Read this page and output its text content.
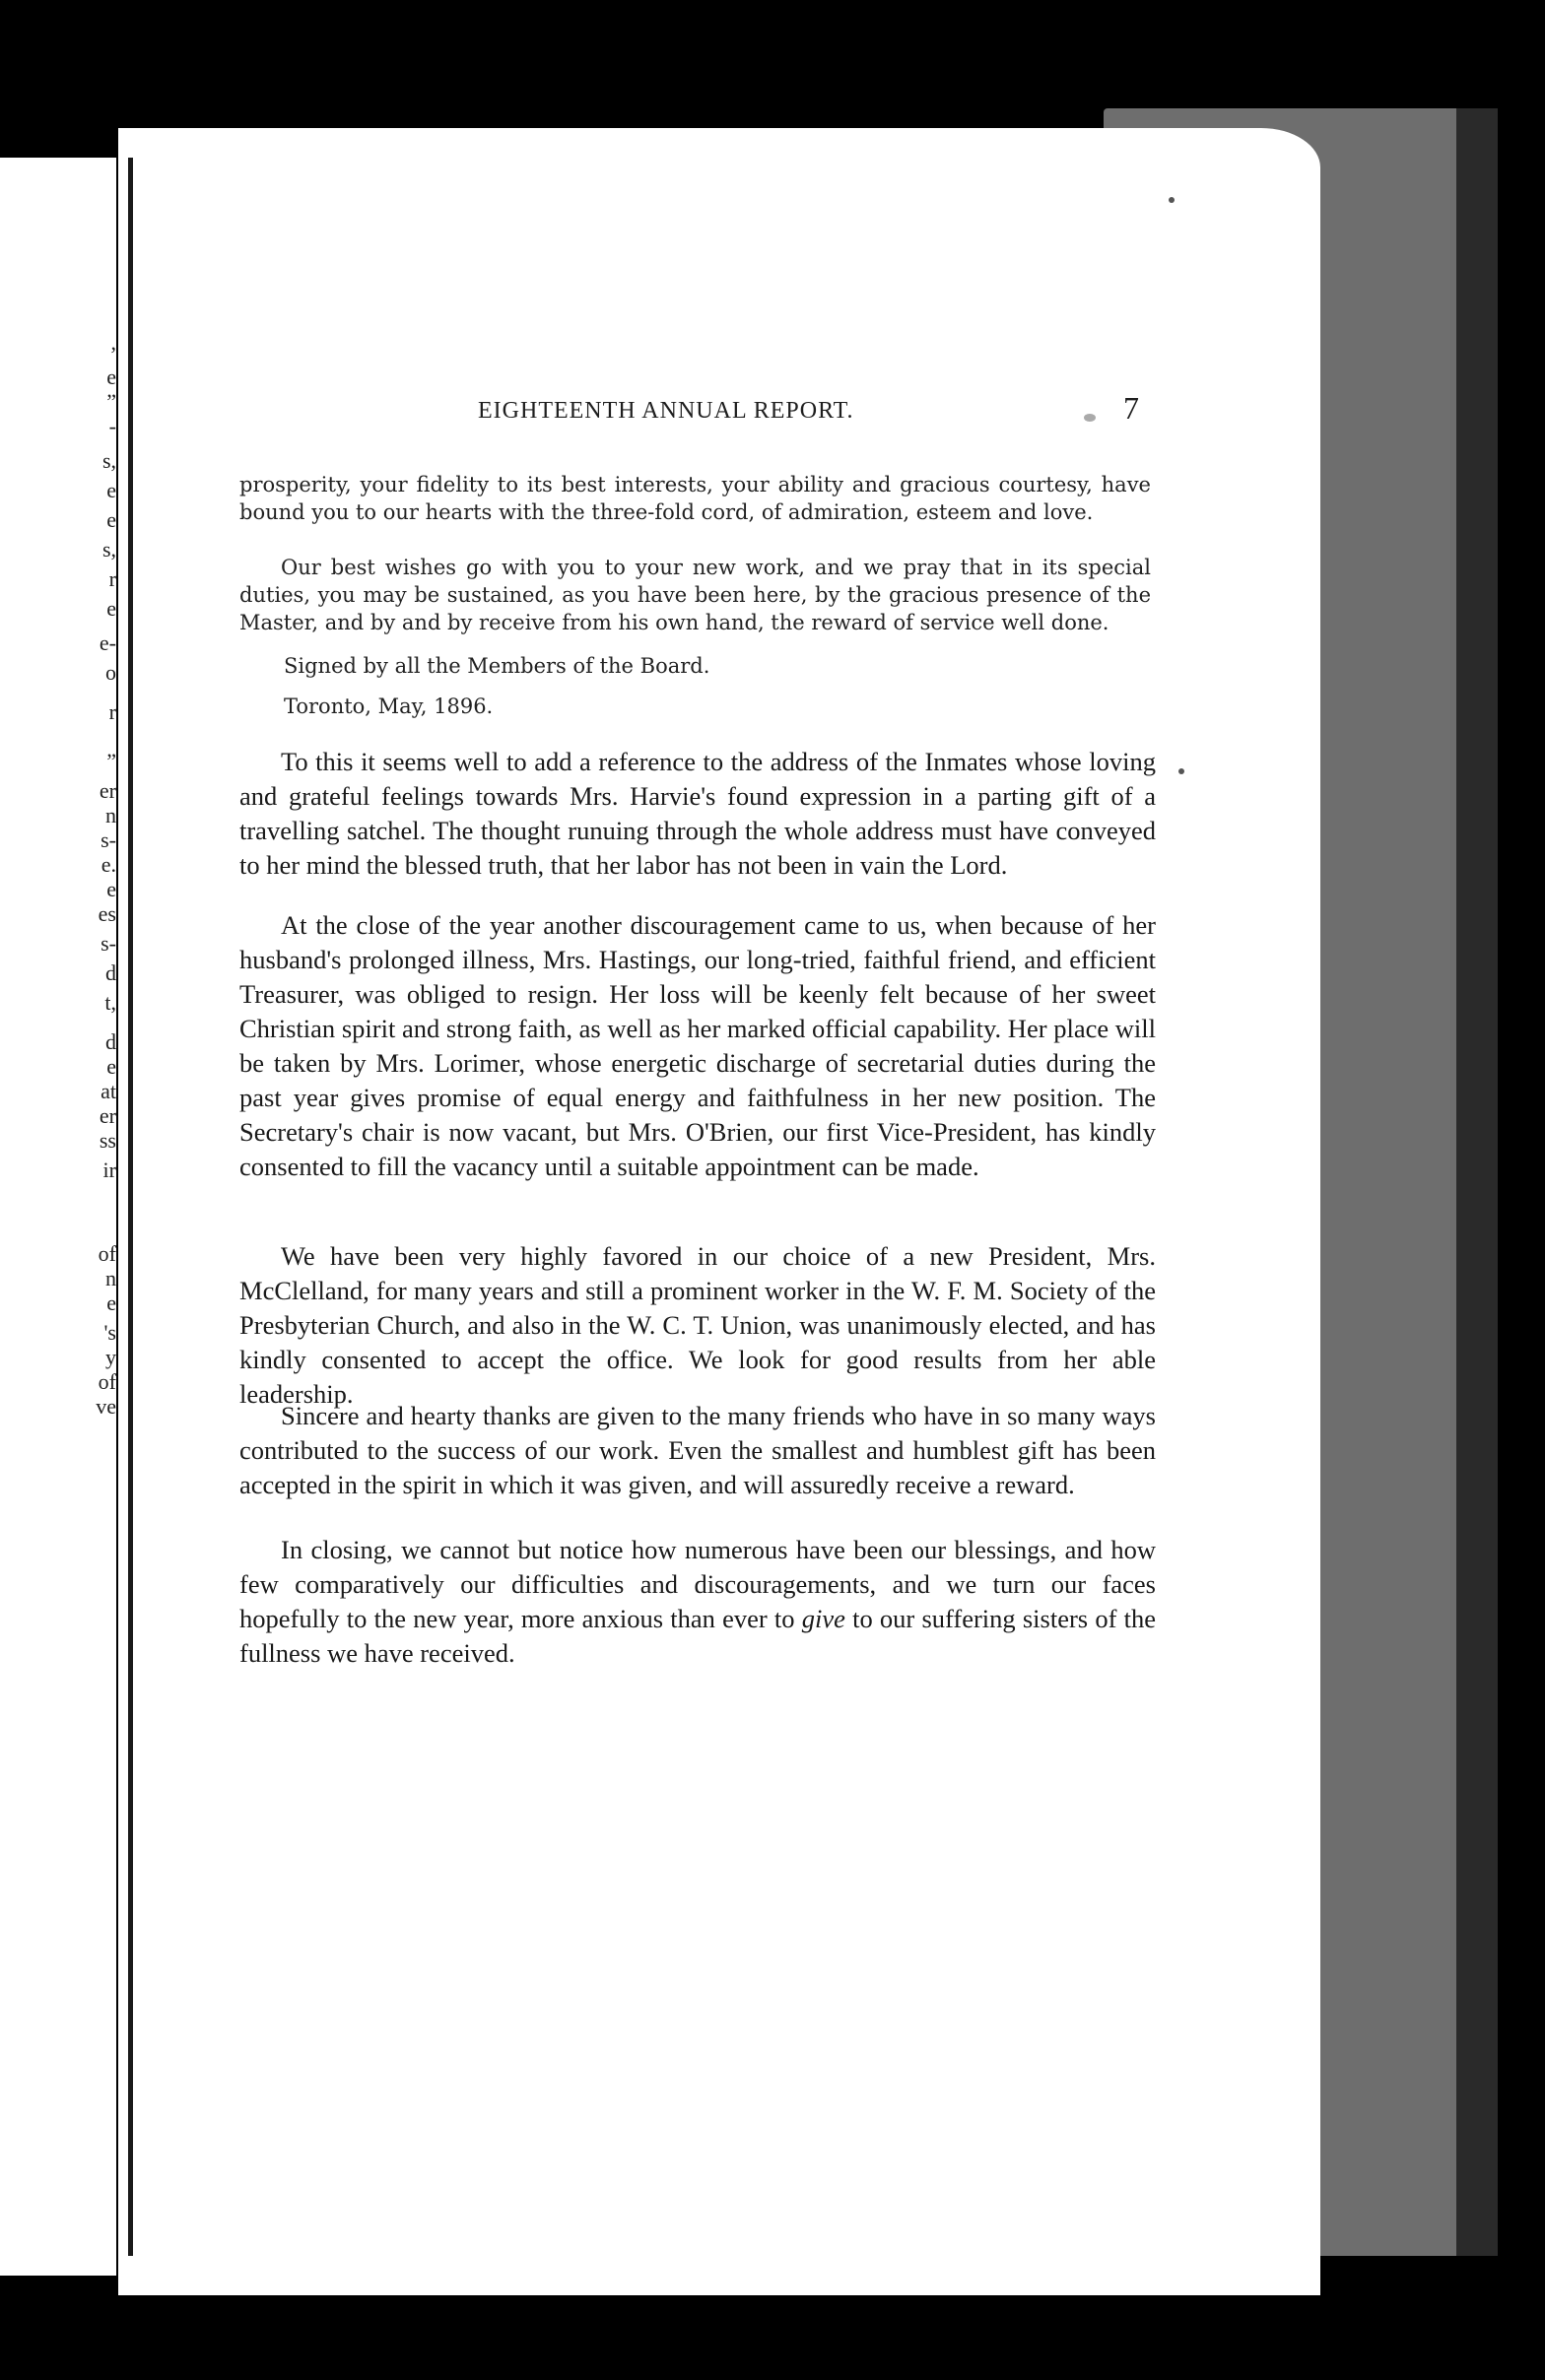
,
e
”
-
s,
e
e
s,
r
e
e-
o
r
”
er
n
s-
e.
e
es
s-
d
t,
d
e
at
er
ss
ir
of
n
e
's
y
of
ve
EIGHTEENTH ANNUAL REPORT.	7
prosperity, your fidelity to its best interests, your ability and gracious courtesy, have bound you to our hearts with the three-fold cord, of admiration, esteem and love.
Our best wishes go with you to your new work, and we pray that in its special duties, you may be sustained, as you have been here, by the gracious presence of the Master, and by and by receive from his own hand, the reward of service well done.
Signed by all the Members of the Board.
Toronto, May, 1896.
To this it seems well to add a reference to the address of the Inmates whose loving and grateful feelings towards Mrs. Harvie's found expression in a parting gift of a travelling satchel. The thought runuing through the whole address must have conveyed to her mind the blessed truth, that her labor has not been in vain the Lord.
At the close of the year another discouragement came to us, when because of her husband's prolonged illness, Mrs. Hastings, our long-tried, faithful friend, and efficient Treasurer, was obliged to resign. Her loss will be keenly felt because of her sweet Christian spirit and strong faith, as well as her marked official capability. Her place will be taken by Mrs. Lorimer, whose energetic discharge of secretarial duties during the past year gives promise of equal energy and faithfulness in her new position. The Secretary's chair is now vacant, but Mrs. O'Brien, our first Vice-President, has kindly consented to fill the vacancy until a suitable appointment can be made.
We have been very highly favored in our choice of a new President, Mrs. McClelland, for many years and still a prominent worker in the W. F. M. Society of the Presbyterian Church, and also in the W. C. T. Union, was unanimously elected, and has kindly consented to accept the office. We look for good results from her able leadership.
Sincere and hearty thanks are given to the many friends who have in so many ways contributed to the success of our work. Even the smallest and humblest gift has been accepted in the spirit in which it was given, and will assuredly receive a reward.
In closing, we cannot but notice how numerous have been our blessings, and how few comparatively our difficulties and discouragements, and we turn our faces hopefully to the new year, more anxious than ever to give to our suffering sisters of the fullness we have received.
